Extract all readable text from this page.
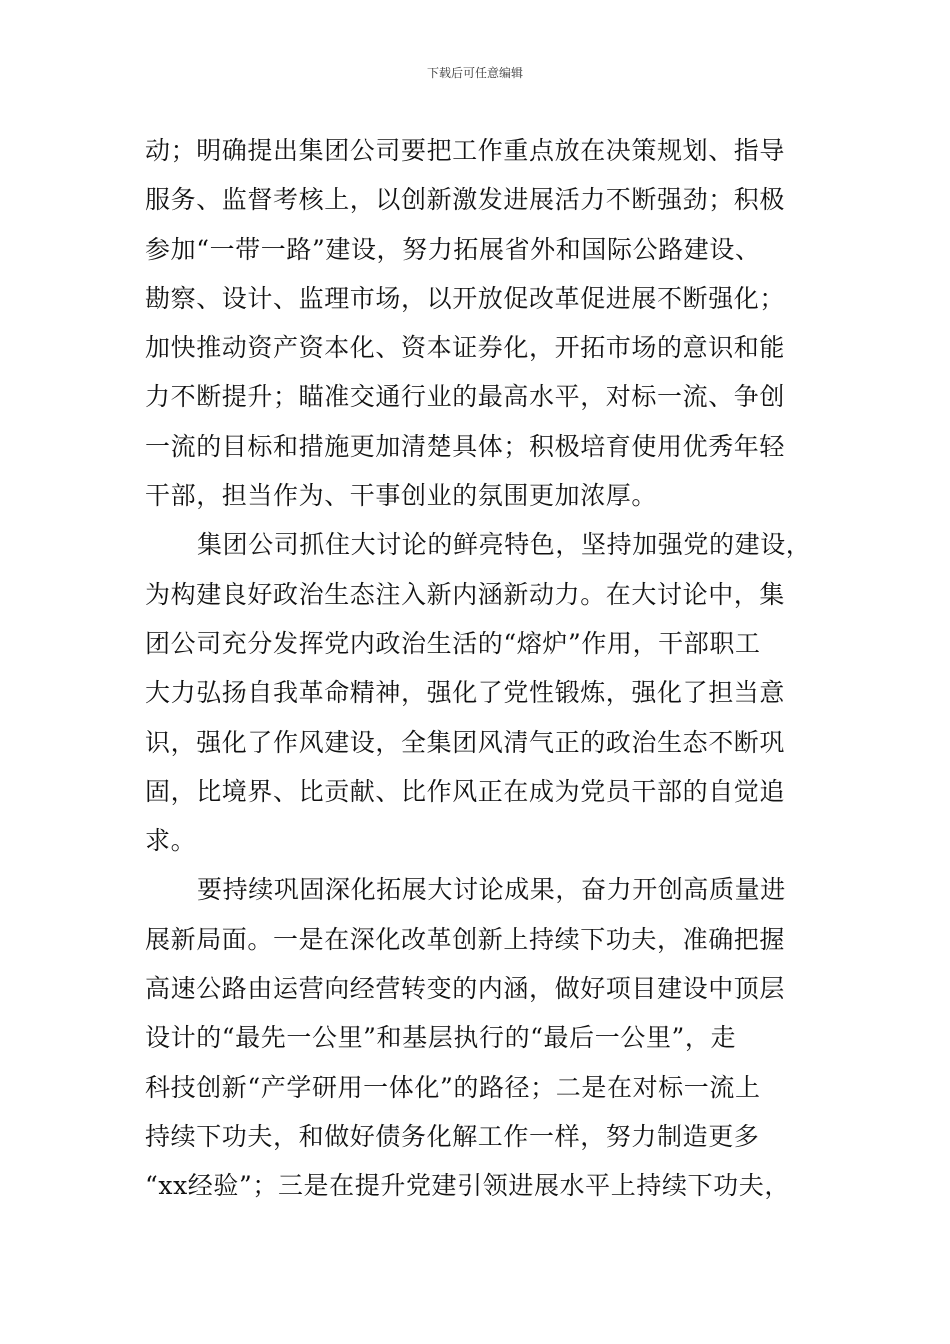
下载后可任意编辑
动；明确提出集团公司要把工作重点放在决策规划、指导
服务、监督考核上，以创新激发进展活力不断强劲；积极
参加“一带一路”建设，努力拓展省外和国际公路建设、
勘察、设计、监理市场，以开放促改革促进展不断强化；
加快推动资产资本化、资本证券化，开拓市场的意识和能
力不断提升；瞄准交通行业的最高水平，对标一流、争创
一流的目标和措施更加清楚具体；积极培育使用优秀年轻
干部，担当作为、干事创业的氛围更加浓厚。
集团公司抓住大讨论的鲜亮特色，坚持加强党的建设，
为构建良好政治生态注入新内涵新动力。在大讨论中，集
团公司充分发挥党内政治生活的“熔炉”作用，干部职工
大力弘扬自我革命精神，强化了党性锻炼，强化了担当意
识，强化了作风建设，全集团风清气正的政治生态不断巩
固，比境界、比贡献、比作风正在成为党员干部的自觉追
求。
要持续巩固深化拓展大讨论成果，奋力开创高质量进
展新局面。一是在深化改革创新上持续下功夫，准确把握
高速公路由运营向经营转变的内涵，做好项目建设中顶层
设计的“最先一公里”和基层执行的“最后一公里”，走
科技创新“产学研用一体化”的路径；二是在对标一流上
持续下功夫，和做好债务化解工作一样，努力制造更多
“xx经验”；三是在提升党建引领进展水平上持续下功夫，
